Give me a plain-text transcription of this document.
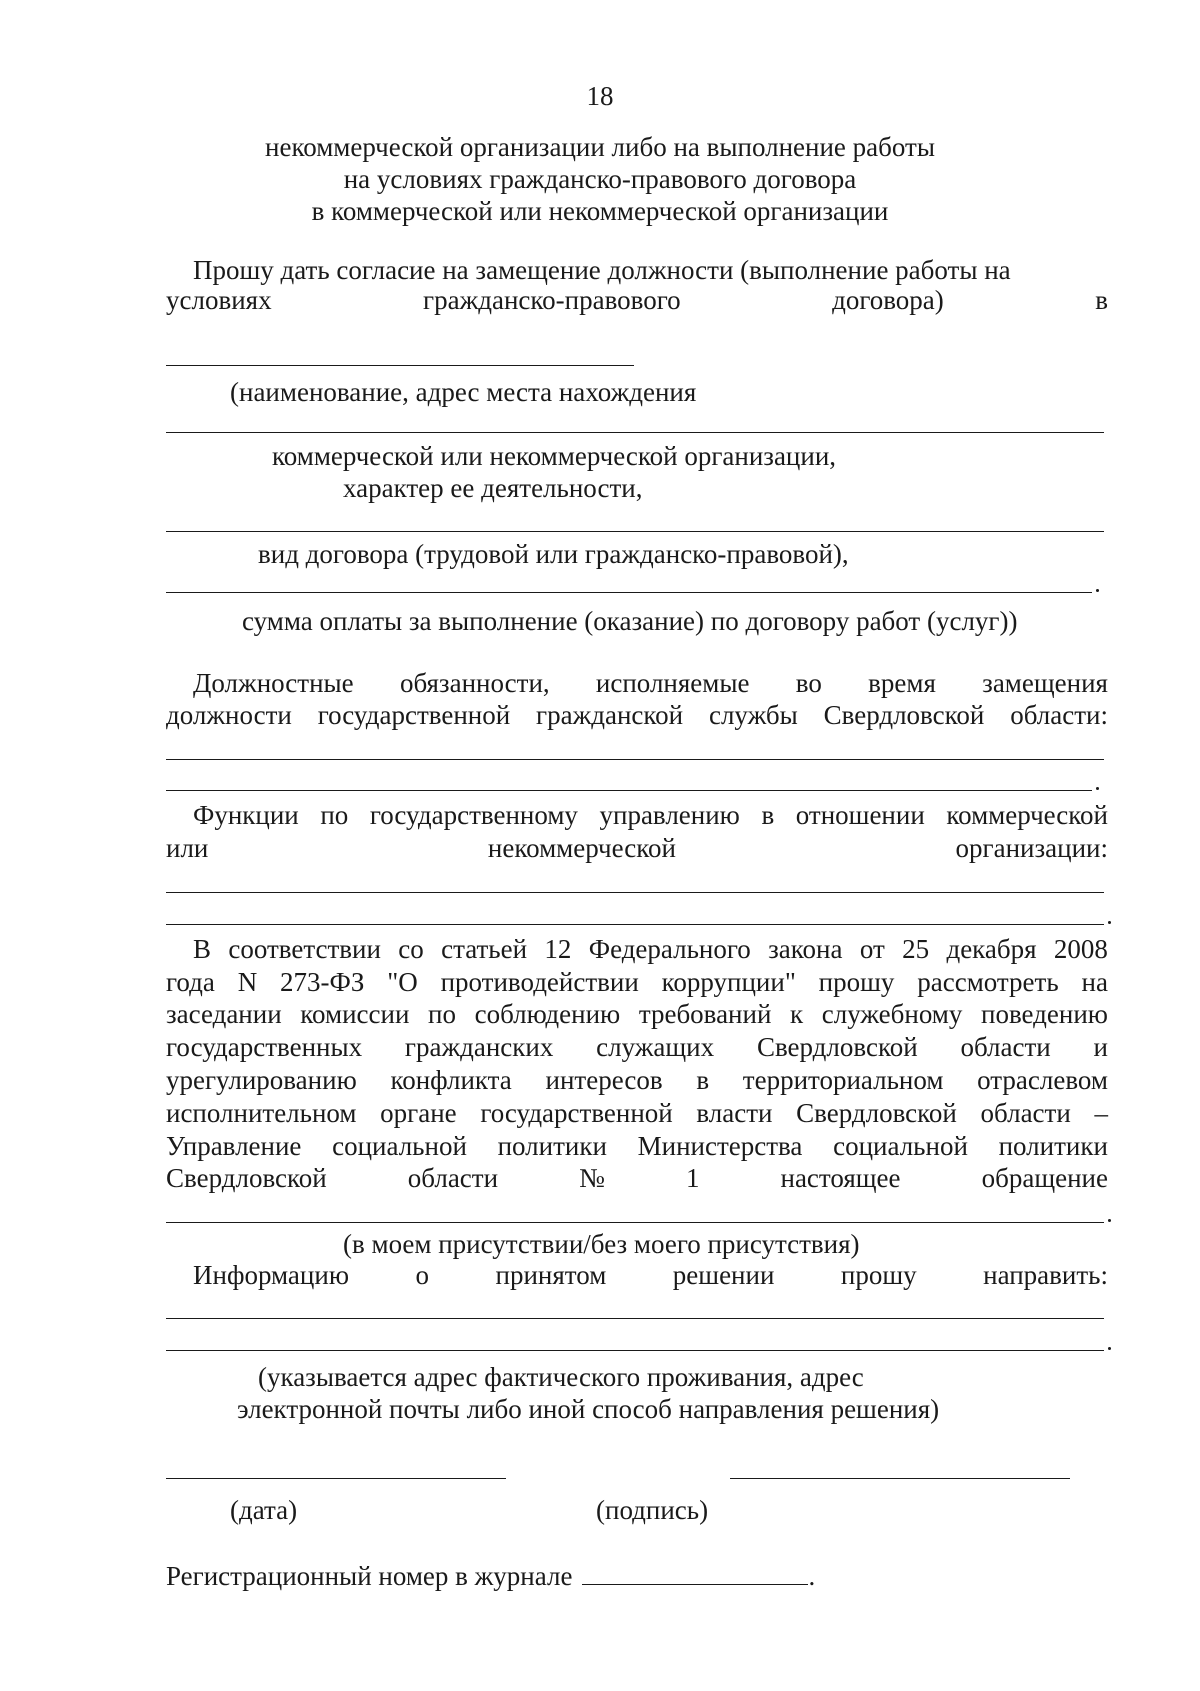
18
некоммерческой организации либо на выполнение работы
на условиях гражданско-правового договора
в коммерческой или некоммерческой организации
Прошу дать согласие на замещение должности (выполнение работы на
условиях	гражданско-правового	договора)	в
(наименование, адрес места нахождения
коммерческой или некоммерческой организации,
характер ее деятельности,
вид договора (трудовой или гражданско-правовой),
сумма оплаты за выполнение (оказание) по договору работ (услуг))
Должностные обязанности, исполняемые во время замещения
должности государственной гражданской службы Свердловской области:
Функции по государственному управлению в отношении коммерческой
или	некоммерческой	организации:
В соответствии со статьей 12 Федерального закона от 25 декабря 2008
года N 273-ФЗ "О противодействии коррупции" прошу рассмотреть на
заседании комиссии по соблюдению требований к служебному поведению
государственных гражданских служащих Свердловской области и
урегулированию конфликта интересов в территориальном отраслевом
исполнительном органе государственной власти Свердловской области –
Управление социальной политики Министерства социальной политики
Свердловской	области	№	1	настоящее	обращение
(в моем присутствии/без моего присутствия)
Информацию о принятом решении прошу направить:
(указывается адрес фактического проживания, адрес
электронной почты либо иной способ направления решения)
(дата)	(подпись)
Регистрационный номер в журнале	.
